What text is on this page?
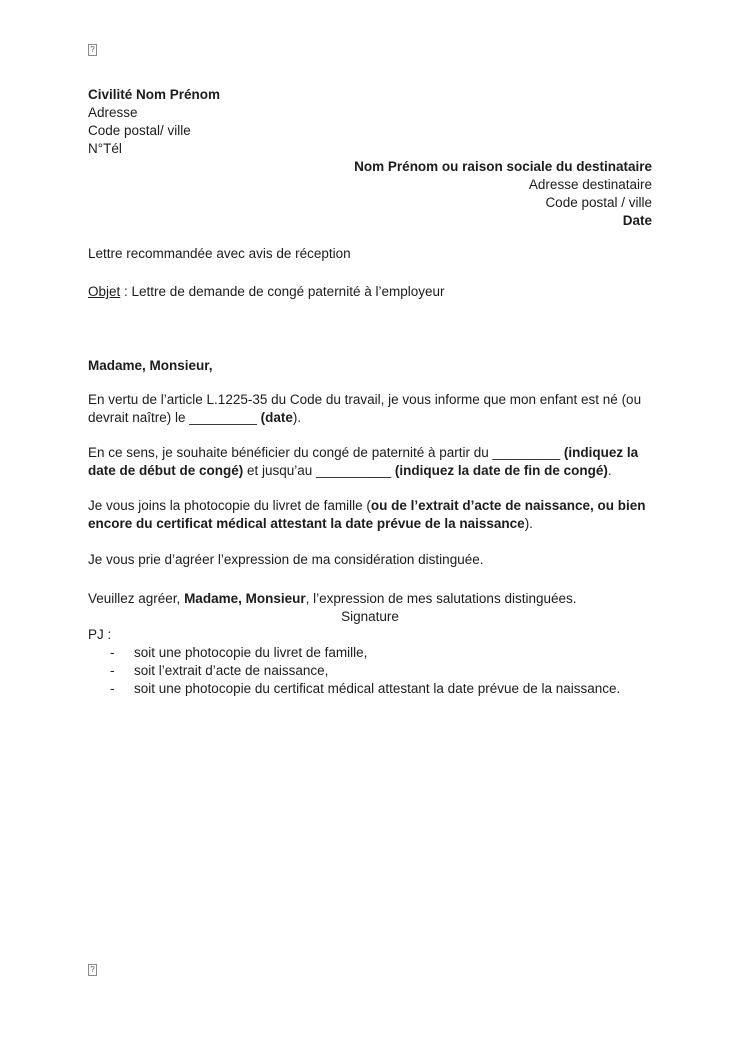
?
Civilité Nom Prénom
Adresse
Code postal/ ville
N°Tél
Nom Prénom ou raison sociale du destinataire
Adresse destinataire
Code postal / ville
Date

Lettre recommandée avec avis de réception

Objet : Lettre de demande de congé paternité à l’employeur

Madame, Monsieur,

En vertu de l’article L.1225-35 du Code du travail, je vous informe que mon enfant est né (ou devrait naître) le _________ (date).

En ce sens, je souhaite bénéficier du congé de paternité à partir du _________ (indiquez la date de début de congé) et jusqu’au __________ (indiquez la date de fin de congé).

Je vous joins la photocopie du livret de famille (ou de l’extrait d’acte de naissance, ou bien encore du certificat médical attestant la date prévue de la naissance).

Je vous prie d’agréer l’expression de ma considération distinguée.

Veuillez agréer, Madame, Monsieur, l’expression de mes salutations distinguées.

Signature
PJ :
-	soit une photocopie du livret de famille,
-	soit l’extrait d’acte de naissance,
-	soit une photocopie du certificat médical attestant la date prévue de la naissance.
?
